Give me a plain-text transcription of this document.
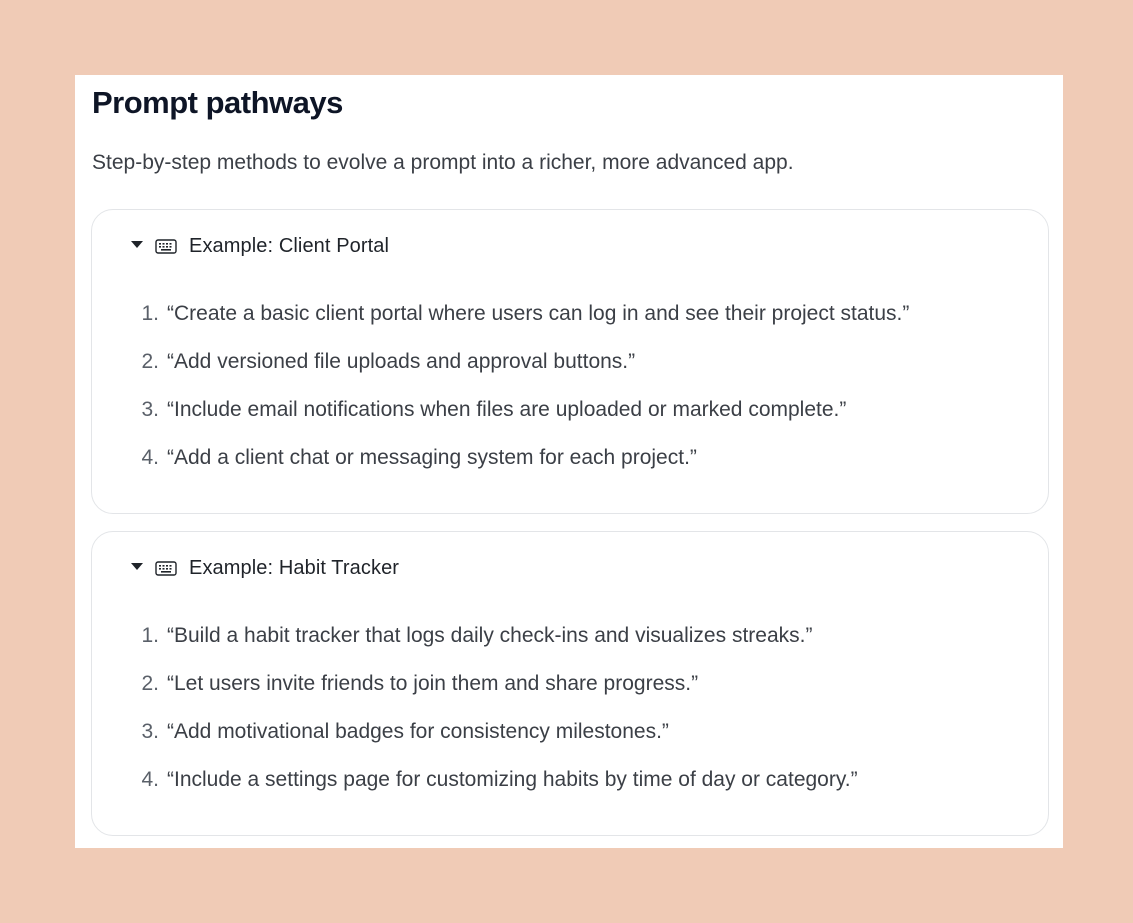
Prompt pathways

Step-by-step methods to evolve a prompt into a richer, more advanced app.

Example: Client Portal
1. “Create a basic client portal where users can log in and see their project status.”
2. “Add versioned file uploads and approval buttons.”
3. “Include email notifications when files are uploaded or marked complete.”
4. “Add a client chat or messaging system for each project.”
Example: Habit Tracker
1. “Build a habit tracker that logs daily check-ins and visualizes streaks.”
2. “Let users invite friends to join them and share progress.”
3. “Add motivational badges for consistency milestones.”
4. “Include a settings page for customizing habits by time of day or category.”
